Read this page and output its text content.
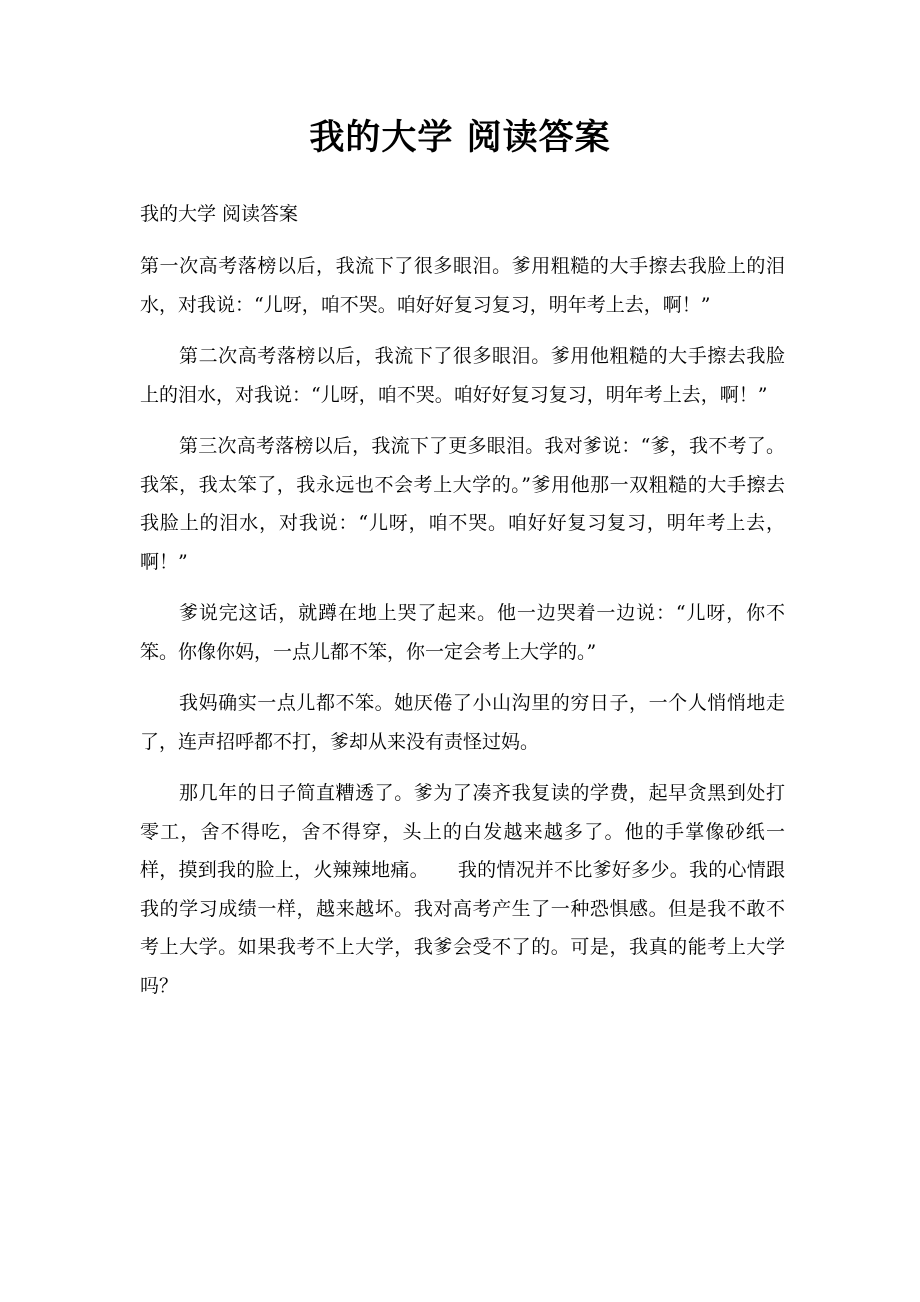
我的大学 阅读答案
我的大学 阅读答案

第一次高考落榜以后，我流下了很多眼泪。爹用粗糙的大手擦去我脸上的泪水，对我说：“儿呀，咱不哭。咱好好复习复习，明年考上去，啊！”

第二次高考落榜以后，我流下了很多眼泪。爹用他粗糙的大手擦去我脸上的泪水，对我说：“儿呀，咱不哭。咱好好复习复习，明年考上去，啊！”

第三次高考落榜以后，我流下了更多眼泪。我对爹说：“爹，我不考了。我笨，我太笨了，我永远也不会考上大学的。”爹用他那一双粗糙的大手擦去我脸上的泪水，对我说：“儿呀，咱不哭。咱好好复习复习，明年考上去，啊！”

爹说完这话，就蹲在地上哭了起来。他一边哭着一边说：“儿呀，你不笨。你像你妈，一点儿都不笨，你一定会考上大学的。”

我妈确实一点儿都不笨。她厌倦了小山沟里的穷日子，一个人悄悄地走了，连声招呼都不打，爹却从来没有责怪过妈。

那几年的日子简直糟透了。爹为了凑齐我复读的学费，起早贪黑到处打零工，舍不得吃，舍不得穿，头上的白发越来越多了。他的手掌像砂纸一样，摸到我的脸上，火辣辣地痛。　　我的情况并不比爹好多少。我的心情跟我的学习成绩一样，越来越坏。我对高考产生了一种恐惧感。但是我不敢不考上大学。如果我考不上大学，我爹会受不了的。可是，我真的能考上大学吗？
